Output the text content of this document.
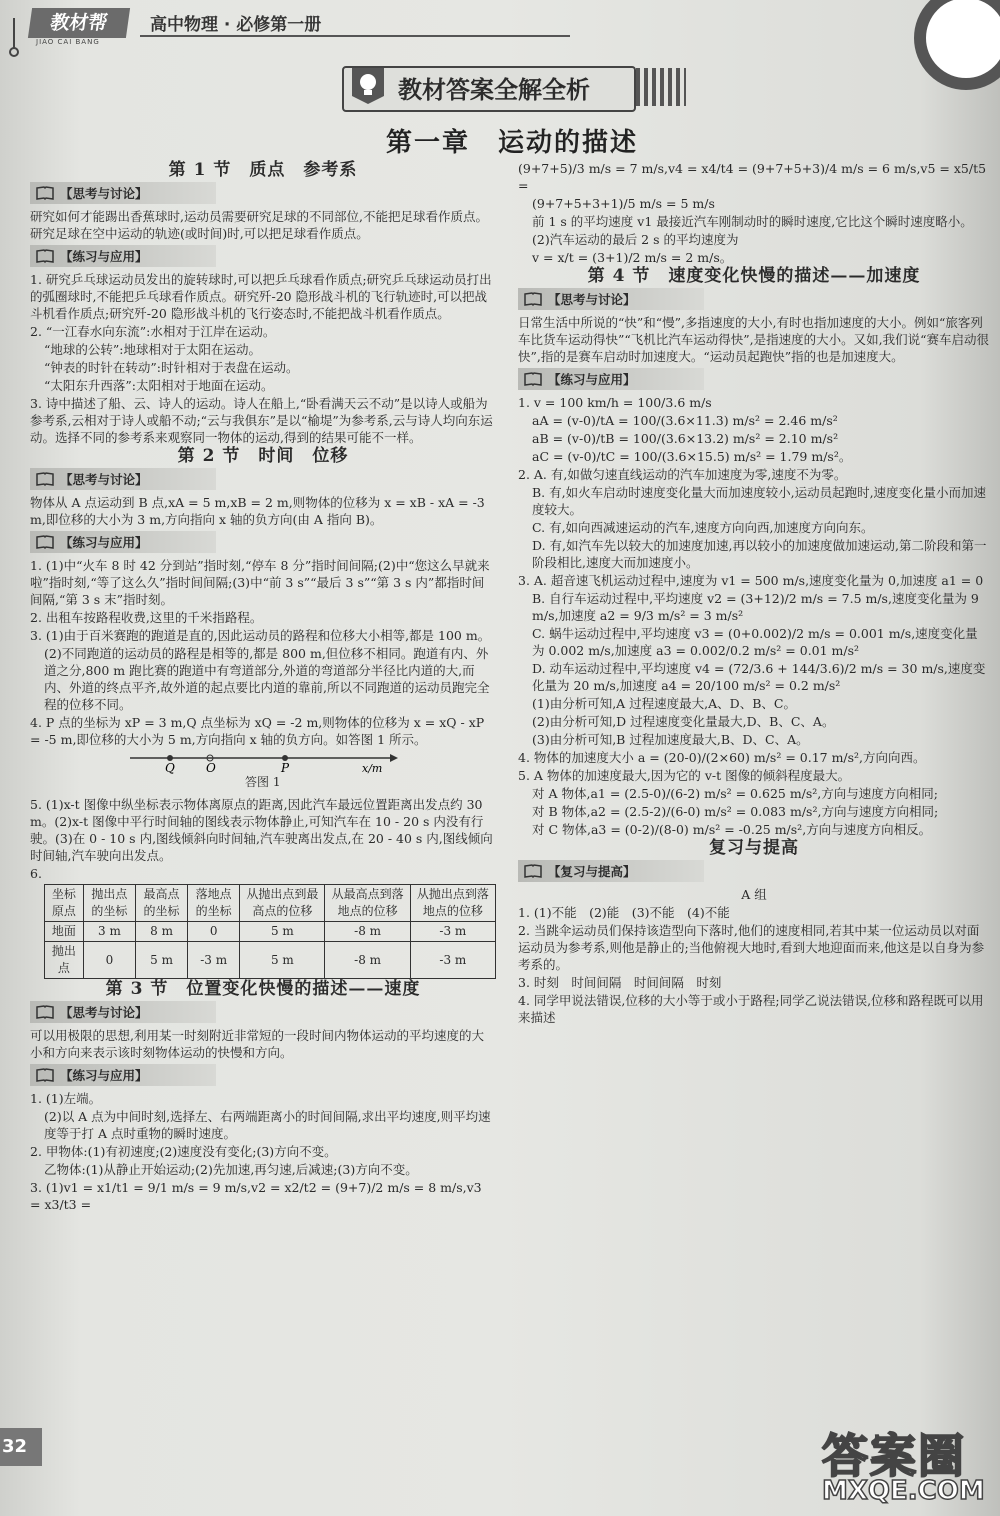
教材帮
JIAO CAI BANG
高中物理 · 必修第一册
教材答案全解全析
第一章　运动的描述
第 1 节　质点　参考系
【思考与讨论】

研究如何才能踢出香蕉球时,运动员需要研究足球的不同部位,不能把足球看作质点。研究足球在空中运动的轨迹(或时间)时,可以把足球看作质点。

【练习与应用】

1. 研究乒乓球运动员发出的旋转球时,可以把乒乓球看作质点;研究乒乓球运动员打出的弧圈球时,不能把乒乓球看作质点。研究歼-20 隐形战斗机的飞行轨迹时,可以把战斗机看作质点;研究歼-20 隐形战斗机的飞行姿态时,不能把战斗机看作质点。

2. “一江春水向东流”:水相对于江岸在运动。

“地球的公转”:地球相对于太阳在运动。

“钟表的时针在转动”:时针相对于表盘在运动。

“太阳东升西落”:太阳相对于地面在运动。

3. 诗中描述了船、云、诗人的运动。诗人在船上,“卧看满天云不动”是以诗人或船为参考系,云相对于诗人或船不动;“云与我俱东”是以“榆堤”为参考系,云与诗人均向东运动。选择不同的参考系来观察同一物体的运动,得到的结果可能不一样。

第 2 节　时间　位移
【思考与讨论】

物体从 A 点运动到 B 点,xA = 5 m,xB = 2 m,则物体的位移为 x = xB - xA = -3 m,即位移的大小为 3 m,方向指向 x 轴的负方向(由 A 指向 B)。

【练习与应用】

1. (1)中“火车 8 时 42 分到站”指时刻,“停车 8 分”指时间间隔;(2)中“您这么早就来啦”指时刻,“等了这么久”指时间间隔;(3)中“前 3 s”“最后 3 s”“第 3 s 内”都指时间间隔,“第 3 s 末”指时刻。

2. 出租车按路程收费,这里的千米指路程。

3. (1)由于百米赛跑的跑道是直的,因此运动员的路程和位移大小相等,都是 100 m。

(2)不同跑道的运动员的路程是相等的,都是 800 m,但位移不相同。跑道有内、外道之分,800 m 跑比赛的跑道中有弯道部分,外道的弯道部分半径比内道的大,而内、外道的终点平齐,故外道的起点要比内道的靠前,所以不同跑道的运动员跑完全程的位移不同。

4. P 点的坐标为 xP = 3 m,Q 点坐标为 xQ = -2 m,则物体的位移为 x = xQ - xP = -5 m,即位移的大小为 5 m,方向指向 x 轴的负方向。如答图 1 所示。

Q	O	P	x/m
答图 1

5. (1)x-t 图像中纵坐标表示物体离原点的距离,因此汽车最远位置距离出发点约 30 m。(2)x-t 图像中平行时间轴的图线表示物体静止,可知汽车在 10 - 20 s 内没有行驶。(3)在 0 - 10 s 内,图线倾斜向时间轴,汽车驶离出发点,在 20 - 40 s 内,图线倾向时间轴,汽车驶向出发点。

6.

坐标原点	抛出点的坐标	最高点的坐标	落地点的坐标	从抛出点到最高点的位移	从最高点到落地点的位移	从抛出点到落地点的位移
地面	3 m	8 m	0	5 m	-8 m	-3 m
抛出点	0	5 m	-3 m	5 m	-8 m	-3 m
第 3 节　位置变化快慢的描述——速度
【思考与讨论】

可以用极限的思想,利用某一时刻附近非常短的一段时间内物体运动的平均速度的大小和方向来表示该时刻物体运动的快慢和方向。

【练习与应用】

1. (1)左端。

(2)以 A 点为中间时刻,选择左、右两端距离小的时间间隔,求出平均速度,则平均速度等于打 A 点时重物的瞬时速度。

2. 甲物体:(1)有初速度;(2)速度没有变化;(3)方向不变。

乙物体:(1)从静止开始运动;(2)先加速,再匀速,后减速;(3)方向不变。

3. (1)v1 = x1/t1 = 9/1 m/s = 9 m/s,v2 = x2/t2 = (9+7)/2 m/s = 8 m/s,v3 = x3/t3 =

(9+7+5)/3 m/s = 7 m/s,v4 = x4/t4 = (9+7+5+3)/4 m/s = 6 m/s,v5 = x5/t5 =

(9+7+5+3+1)/5 m/s = 5 m/s

前 1 s 的平均速度 v1 最接近汽车刚制动时的瞬时速度,它比这个瞬时速度略小。

(2)汽车运动的最后 2 s 的平均速度为

v = x/t = (3+1)/2 m/s = 2 m/s。

第 4 节　速度变化快慢的描述——加速度
【思考与讨论】

日常生活中所说的“快”和“慢”,多指速度的大小,有时也指加速度的大小。例如“旅客列车比货车运动得快”“飞机比汽车运动得快”,是指速度的大小。又如,我们说“赛车启动很快”,指的是赛车启动时加速度大。“运动员起跑快”指的也是加速度大。

【练习与应用】

1. v = 100 km/h = 100/3.6 m/s

aA = (v-0)/tA = 100/(3.6×11.3) m/s² = 2.46 m/s²

aB = (v-0)/tB = 100/(3.6×13.2) m/s² = 2.10 m/s²

aC = (v-0)/tC = 100/(3.6×15.5) m/s² = 1.79 m/s²。

2. A. 有,如做匀速直线运动的汽车加速度为零,速度不为零。

B. 有,如火车启动时速度变化量大而加速度较小,运动员起跑时,速度变化量小而加速度较大。

C. 有,如向西减速运动的汽车,速度方向向西,加速度方向向东。

D. 有,如汽车先以较大的加速度加速,再以较小的加速度做加速运动,第二阶段和第一阶段相比,速度大而加速度小。

3. A. 超音速飞机运动过程中,速度为 v1 = 500 m/s,速度变化量为 0,加速度 a1 = 0

B. 自行车运动过程中,平均速度 v2 = (3+12)/2 m/s = 7.5 m/s,速度变化量为 9 m/s,加速度 a2 = 9/3 m/s² = 3 m/s²

C. 蜗牛运动过程中,平均速度 v3 = (0+0.002)/2 m/s = 0.001 m/s,速度变化量为 0.002 m/s,加速度 a3 = 0.002/0.2 m/s² = 0.01 m/s²

D. 动车运动过程中,平均速度 v4 = (72/3.6 + 144/3.6)/2 m/s = 30 m/s,速度变化量为 20 m/s,加速度 a4 = 20/100 m/s² = 0.2 m/s²

(1)由分析可知,A 过程速度最大,A、D、B、C。

(2)由分析可知,D 过程速度变化量最大,D、B、C、A。

(3)由分析可知,B 过程加速度最大,B、D、C、A。

4. 物体的加速度大小 a = (20-0)/(2×60) m/s² = 0.17 m/s²,方向向西。

5. A 物体的加速度最大,因为它的 v-t 图像的倾斜程度最大。

对 A 物体,a1 = (2.5-0)/(6-2) m/s² = 0.625 m/s²,方向与速度方向相同;

对 B 物体,a2 = (2.5-2)/(6-0) m/s² = 0.083 m/s²,方向与速度方向相同;

对 C 物体,a3 = (0-2)/(8-0) m/s² = -0.25 m/s²,方向与速度方向相反。

复习与提高
【复习与提高】

A 组

1. (1)不能　(2)能　(3)不能　(4)不能

2. 当跳伞运动员们保持该造型向下落时,他们的速度相同,若其中某一位运动员以对面运动员为参考系,则他是静止的;当他俯视大地时,看到大地迎面而来,他这是以自身为参考系的。

3. 时刻　时间间隔　时间间隔　时刻

4. 同学甲说法错误,位移的大小等于或小于路程;同学乙说法错误,位移和路程既可以用来描述

32	答案圈
MXQE.COM
